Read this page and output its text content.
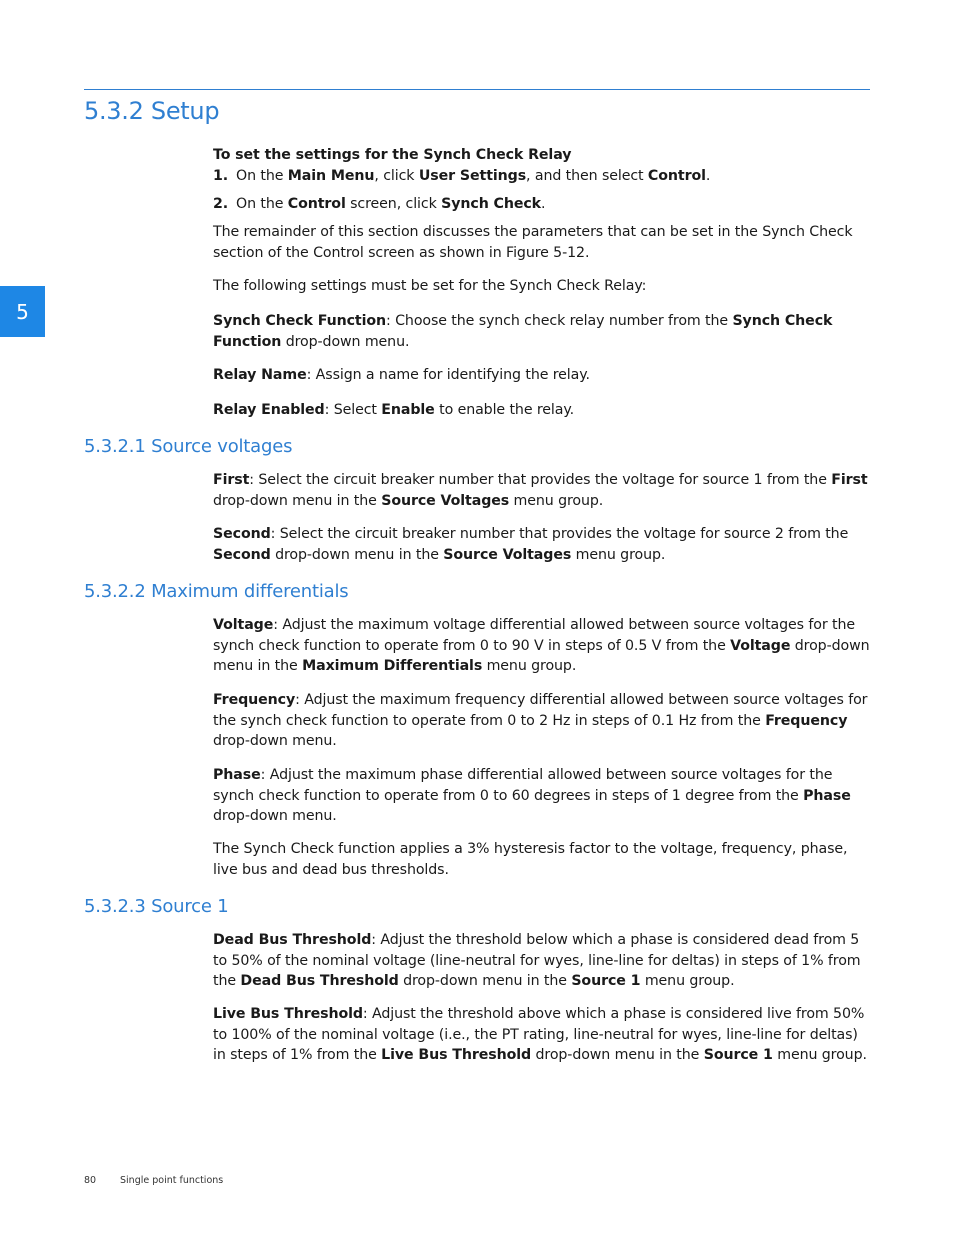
5.3.2 Setup
5

To set the settings for the Synch Check Relay

1. On the Main Menu, click User Settings, and then select Control.

2. On the Control screen, click Synch Check.

The remainder of this section discusses the parameters that can be set in the Synch Check section of the Control screen as shown in Figure 5-12.

The following settings must be set for the Synch Check Relay:

Synch Check Function: Choose the synch check relay number from the Synch Check Function drop-down menu.

Relay Name: Assign a name for identifying the relay.

Relay Enabled: Select Enable to enable the relay.

5.3.2.1 Source voltages

First: Select the circuit breaker number that provides the voltage for source 1 from the First drop-down menu in the Source Voltages menu group.

Second: Select the circuit breaker number that provides the voltage for source 2 from the Second drop-down menu in the Source Voltages menu group.

5.3.2.2 Maximum differentials

Voltage: Adjust the maximum voltage differential allowed between source voltages for the synch check function to operate from 0 to 90 V in steps of 0.5 V from the Voltage drop-down menu in the Maximum Differentials menu group.

Frequency: Adjust the maximum frequency differential allowed between source voltages for the synch check function to operate from 0 to 2 Hz in steps of 0.1 Hz from the Frequency drop-down menu.

Phase: Adjust the maximum phase differential allowed between source voltages for the synch check function to operate from 0 to 60 degrees in steps of 1 degree from the Phase drop-down menu.

The Synch Check function applies a 3% hysteresis factor to the voltage, frequency, phase, live bus and dead bus thresholds.

5.3.2.3 Source 1

Dead Bus Threshold: Adjust the threshold below which a phase is considered dead from 5 to 50% of the nominal voltage (line-neutral for wyes, line-line for deltas) in steps of 1% from the Dead Bus Threshold drop-down menu in the Source 1 menu group.

Live Bus Threshold: Adjust the threshold above which a phase is considered live from 50% to 100% of the nominal voltage (i.e., the PT rating, line-neutral for wyes, line-line for deltas) in steps of 1% from the Live Bus Threshold drop-down menu in the Source 1 menu group.

80	Single point functions
